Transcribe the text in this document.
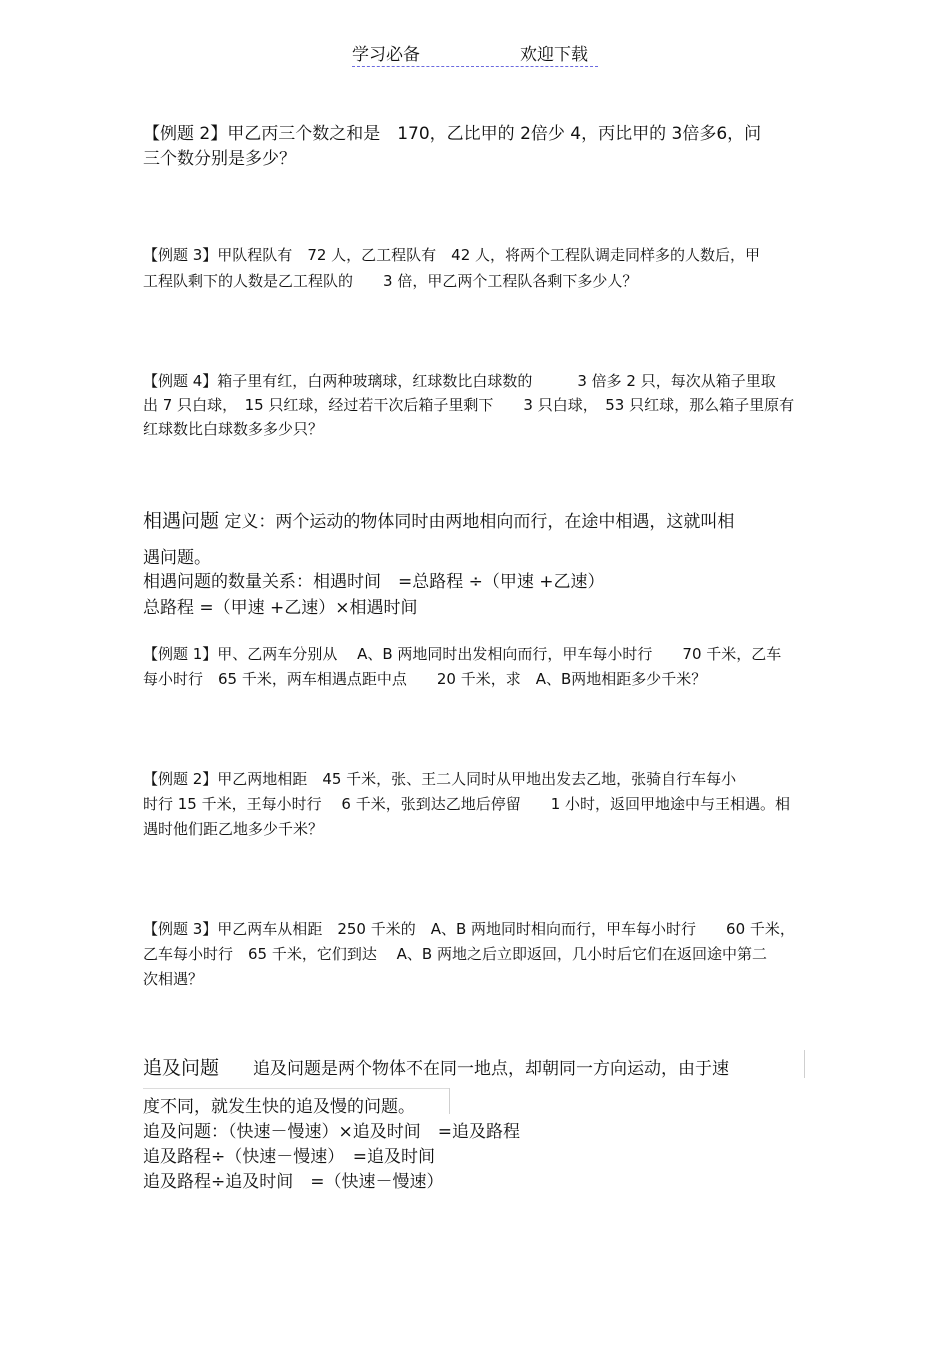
学习必备	欢迎下载
【例题 2】甲乙丙三个数之和是　170，乙比甲的 2倍少 4，丙比甲的 3倍多6，问
三个数分别是多少？
【例题 3】甲队程队有　72 人，乙工程队有　42 人，将两个工程队调走同样多的人数后，甲
工程队剩下的人数是乙工程队的　　3 倍，甲乙两个工程队各剩下多少人？
【例题 4】箱子里有红，白两种玻璃球，红球数比白球数的　　　3 倍多 2 只，每次从箱子里取
出 7 只白球，　15 只红球，经过若干次后箱子里剩下　　3 只白球，　53 只红球，那么箱子里原有
红球数比白球数多多少只？
相遇问题 定义：两个运动的物体同时由两地相向而行，在途中相遇，这就叫相
遇问题。
相遇问题的数量关系：相遇时间　=总路程 ÷（甲速 +乙速）
总路程 =（甲速 +乙速）×相遇时间
【例题 1】甲、乙两车分别从　 A、B 两地同时出发相向而行，甲车每小时行　　70 千米，乙车
每小时行　65 千米，两车相遇点距中点　　20 千米，求　A、B两地相距多少千米？
【例题 2】甲乙两地相距　45 千米，张、王二人同时从甲地出发去乙地，张骑自行车每小
时行 15 千米，王每小时行　 6 千米，张到达乙地后停留　　1 小时，返回甲地途中与王相遇。相
遇时他们距乙地多少千米？
【例题 3】甲乙两车从相距　250 千米的　A、B 两地同时相向而行，甲车每小时行　　60 千米，
乙车每小时行　65 千米，它们到达　 A、B 两地之后立即返回，几小时后它们在返回途中第二
次相遇？
追及问题　　追及问题是两个物体不在同一地点，却朝同一方向运动，由于速
度不同，就发生快的追及慢的问题。
追及问题：（快速－慢速）×追及时间　=追及路程
追及路程÷（快速－慢速）　=追及时间
追及路程÷追及时间　=（快速－慢速）
